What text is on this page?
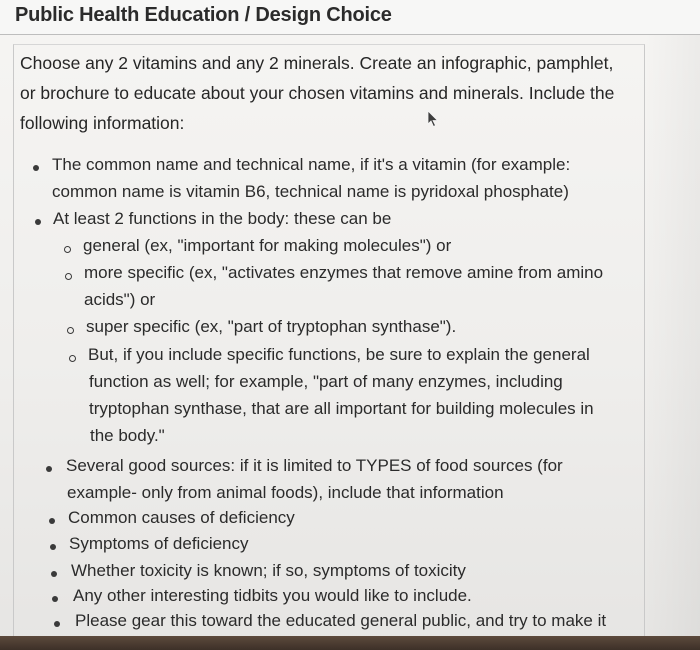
Public Health Education / Design Choice
Choose any 2 vitamins and any 2 minerals. Create an infographic, pamphlet,
or brochure to educate about your chosen vitamins and minerals. Include the
following information:
The common name and technical name, if it's a vitamin (for example:
common name is vitamin B6, technical name is pyridoxal phosphate)
At least 2 functions in the body: these can be
general (ex, "important for making molecules") or
more specific (ex, "activates enzymes that remove amine from amino
acids") or
super specific (ex, "part of tryptophan synthase").
But, if you include specific functions, be sure to explain the general
function as well; for example, "part of many enzymes, including
tryptophan synthase, that are all important for building molecules in
the body."
Several good sources: if it is limited to TYPES of food sources (for
example- only from animal foods), include that information
Common causes of deficiency
Symptoms of deficiency
Whether toxicity is known; if so, symptoms of toxicity
Any other interesting tidbits you would like to include.
Please gear this toward the educated general public, and try to make it
